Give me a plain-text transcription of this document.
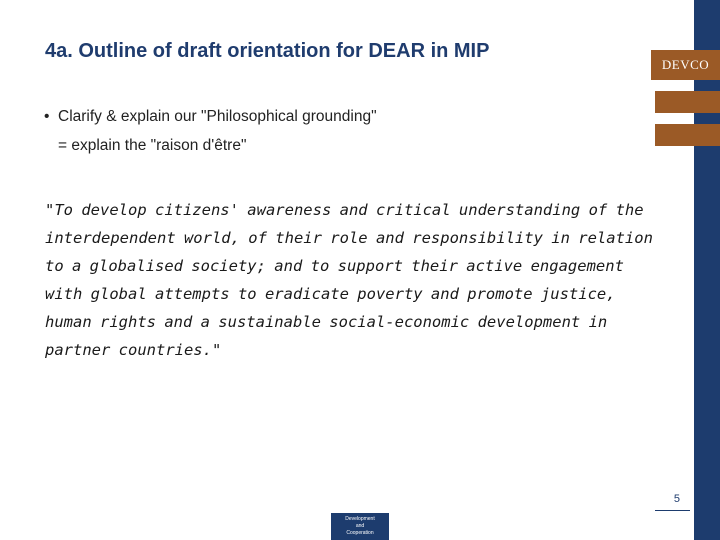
DEVCO
4a. Outline of draft orientation for DEAR in MIP
• Clarify & explain our "Philosophical grounding"
= explain the "raison d'être"

"To develop citizens' awareness and critical understanding of the interdependent world, of their role and responsibility in relation to a globalised society; and to support their active engagement with global attempts to eradicate poverty and promote justice, human rights and a sustainable social-economic development in partner countries."

5
Development
and
Cooperation
